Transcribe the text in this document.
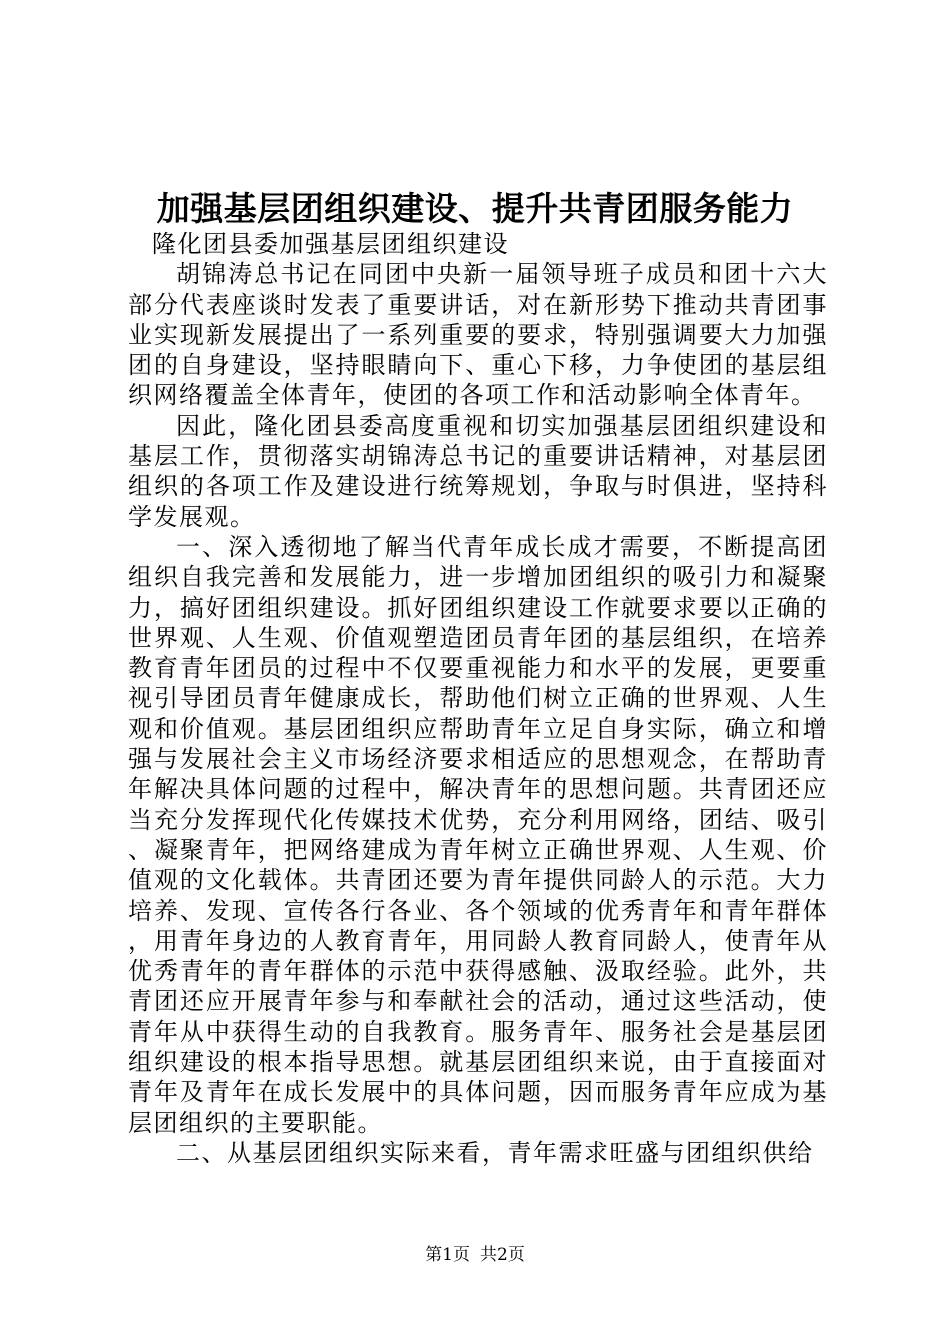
加强基层团组织建设、提升共青团服务能力

隆化团县委加强基层团组织建设

胡锦涛总书记在同团中央新一届领导班子成员和团十六大部分代表座谈时发表了重要讲话，对在新形势下推动共青团事业实现新发展提出了一系列重要的要求，特别强调要大力加强团的自身建设，坚持眼睛向下、重心下移，力争使团的基层组织网络覆盖全体青年，使团的各项工作和活动影响全体青年。

因此，隆化团县委高度重视和切实加强基层团组织建设和基层工作，贯彻落实胡锦涛总书记的重要讲话精神，对基层团组织的各项工作及建设进行统筹规划，争取与时俱进，坚持科学发展观。

一、深入透彻地了解当代青年成长成才需要，不断提高团组织自我完善和发展能力，进一步增加团组织的吸引力和凝聚力，搞好团组织建设。抓好团组织建设工作就要求要以正确的世界观、人生观、价值观塑造团员青年团的基层组织，在培养教育青年团员的过程中不仅要重视能力和水平的发展，更要重视引导团员青年健康成长，帮助他们树立正确的世界观、人生观和价值观。基层团组织应帮助青年立足自身实际，确立和增强与发展社会主义市场经济要求相适应的思想观念，在帮助青年解决具体问题的过程中，解决青年的思想问题。共青团还应当充分发挥现代化传媒技术优势，充分利用网络，团结、吸引、凝聚青年，把网络建成为青年树立正确世界观、人生观、价值观的文化载体。共青团还要为青年提供同龄人的示范。大力培养、发现、宣传各行各业、各个领域的优秀青年和青年群体，用青年身边的人教育青年，用同龄人教育同龄人，使青年从优秀青年的青年群体的示范中获得感触、汲取经验。此外，共青团还应开展青年参与和奉献社会的活动，通过这些活动，使青年从中获得生动的自我教育。服务青年、服务社会是基层团组织建设的根本指导思想。就基层团组织来说，由于直接面对青年及青年在成长发展中的具体问题，因而服务青年应成为基层团组织的主要职能。

二、从基层团组织实际来看，青年需求旺盛与团组织供给

第1页 共2页
